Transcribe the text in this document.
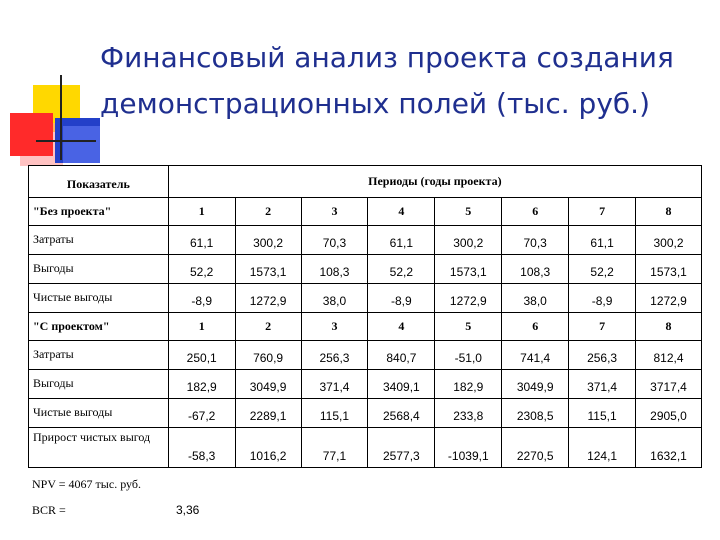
Финансовый анализ проекта создания
демонстрационных полей (тыс. руб.)
Показатель	Периоды (годы проекта)							
"Без проекта"	1	2	3	4	5	6	7	8
Затраты	61,1	300,2	70,3	61,1	300,2	70,3	61,1	300,2
Выгоды	52,2	1573,1	108,3	52,2	1573,1	108,3	52,2	1573,1
Чистые выгоды	-8,9	1272,9	38,0	-8,9	1272,9	38,0	-8,9	1272,9
"С проектом"	1	2	3	4	5	6	7	8
Затраты	250,1	760,9	256,3	840,7	-51,0	741,4	256,3	812,4
Выгоды	182,9	3049,9	371,4	3409,1	182,9	3049,9	371,4	3717,4
Чистые выгоды	-67,2	2289,1	115,1	2568,4	233,8	2308,5	115,1	2905,0
Прирост чистых выгод	-58,3	1016,2	77,1	2577,3	-1039,1	2270,5	124,1	1632,1
NPV = 4067 тыс. руб.
BCR =	3,36
